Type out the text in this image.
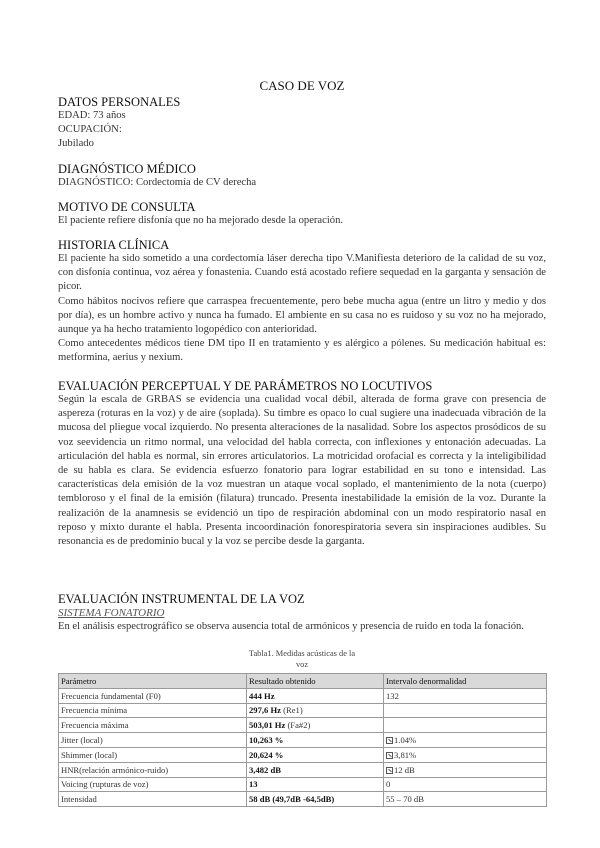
CASO DE VOZ

DATOS PERSONALES

EDAD: 73 años

OCUPACIÓN:

Jubilado

DIAGNÓSTICO MÉDICO

DIAGNÓSTICO: Cordectomía de CV derecha

MOTIVO DE CONSULTA

El paciente refiere disfonía que no ha mejorado desde la operación.

HISTORIA CLÍNICA

El paciente ha sido sometido a una cordectomía láser derecha tipo V.Manifiesta deterioro de la calidad de su voz, con disfonía continua, voz aérea y fonastenia. Cuando está acostado refiere sequedad en la garganta y sensación de picor.

Como hábitos nocivos refiere que carraspea frecuentemente, pero bebe mucha agua (entre un litro y medio y dos por día), es un hombre activo y nunca ha fumado. El ambiente en su casa no es ruidoso y su voz no ha mejorado, aunque ya ha hecho tratamiento logopédico con anterioridad.

Como antecedentes médicos tiene DM tipo II en tratamiento y es alérgico a pólenes. Su medicación habitual es: metformina, aerius y nexium.

EVALUACIÓN PERCEPTUAL Y DE PARÁMETROS NO LOCUTIVOS

Según la escala de GRBAS se evidencia una cualidad vocal débil, alterada de forma grave con presencia de aspereza (roturas en la voz) y de aire (soplada). Su timbre es opaco lo cual sugiere una inadecuada vibración de la mucosa del pliegue vocal izquierdo. No presenta alteraciones de la nasalidad. Sobre los aspectos prosódicos de su voz seevidencia un ritmo normal, una velocidad del habla correcta, con inflexiones y entonación adecuadas. La articulación del habla es normal, sin errores articulatorios. La motricidad orofacial es correcta y la inteligibilidad de su habla es clara. Se evidencia esfuerzo fonatorio para lograr estabilidad en su tono e intensidad. Las características dela emisión de la voz muestran un ataque vocal soplado, el mantenimiento de la nota (cuerpo) tembloroso y el final de la emisión (filatura) truncado. Presenta inestabilidade la emisión de la voz. Durante la realización de la anamnesis se evidenció un tipo de respiración abdominal con un modo respiratorio nasal en reposo y mixto durante el habla. Presenta incoordinación fonorespiratoria severa sin inspiraciones audibles. Su resonancia es de predominio bucal y la voz se percibe desde la garganta.

EVALUACIÓN INSTRUMENTAL DE LA VOZ

SISTEMA FONATORIO

En el análisis espectrográfico se observa ausencia total de armónicos y presencia de ruido en toda la fonación.

Tabla1. Medidas acústicas de la voz
Parámetro	Resultado obtenido	Intervalo denormalidad
Frecuencia fundamental (F0)	444 Hz	132
Frecuencia mínima	297,6 Hz (Re1)	
Frecuencia máxima	503,01 Hz (Fa#2)	
Jitter (local)	10,263 %	1.04%
Shimmer (local)	20,624 %	3,81%
HNR(relación armónico-ruido)	3,482 dB	12 dB
Voicing (rupturas de voz)	13	0
Intensidad	58 dB (49,7dB -64,5dB)	55 – 70 dB
